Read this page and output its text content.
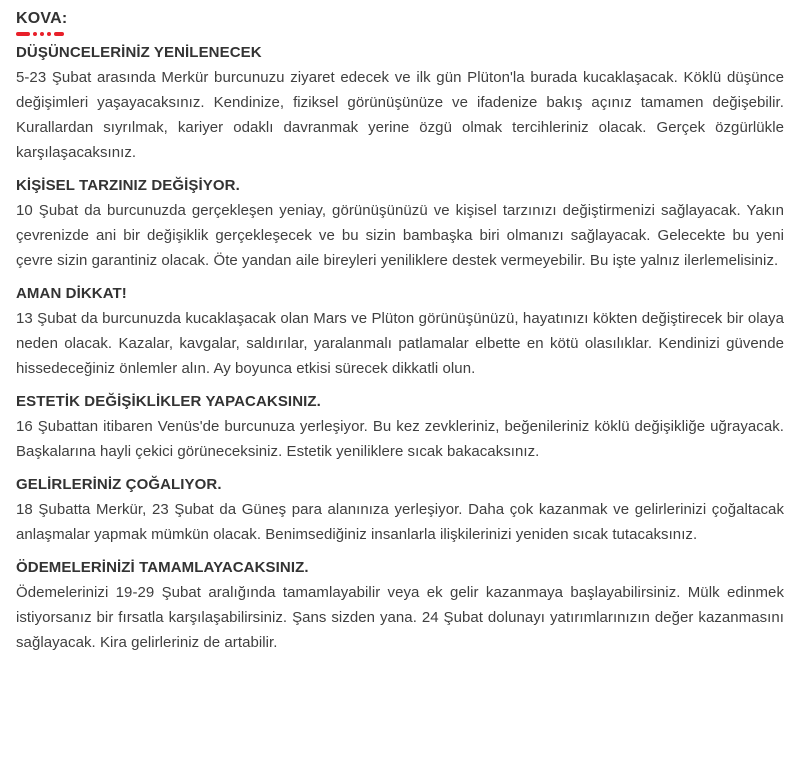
KOVA:
DÜŞÜNCELERİNİZ YENİLENECEK

5-23 Şubat arasında Merkür burcunuzu ziyaret edecek ve ilk gün Plüton'la burada kucaklaşacak. Köklü düşünce değişimleri yaşayacaksınız. Kendinize, fiziksel görünüşünüze ve ifadenize bakış açınız tamamen değişebilir. Kurallardan sıyrılmak, kariyer odaklı davranmak yerine özgü olmak tercihleriniz olacak. Gerçek özgürlükle karşılaşacaksınız.

KİŞİSEL TARZINIZ DEĞİŞİYOR.

10 Şubat da burcunuzda gerçekleşen yeniay, görünüşünüzü ve kişisel tarzınızı değiştirmenizi sağlayacak. Yakın çevrenizde ani bir değişiklik gerçekleşecek ve bu sizin bambaşka biri olmanızı sağlayacak. Gelecekte bu yeni çevre sizin garantiniz olacak. Öte yandan aile bireyleri yeniliklere destek vermeyebilir. Bu işte yalnız ilerlemelisiniz.

AMAN DİKKAT!

13 Şubat da burcunuzda kucaklaşacak olan Mars ve Plüton görünüşünüzü, hayatınızı kökten değiştirecek bir olaya neden olacak. Kazalar, kavgalar, saldırılar, yaralanmalı patlamalar elbette en kötü olasılıklar. Kendinizi güvende hissedeceğiniz önlemler alın. Ay boyunca etkisi sürecek dikkatli olun.

ESTETİK DEĞİŞİKLİKLER YAPACAKSINIZ.

16 Şubattan itibaren Venüs'de burcunuza yerleşiyor. Bu kez zevkleriniz, beğenileriniz köklü değişikliğe uğrayacak. Başkalarına hayli çekici görüneceksiniz. Estetik yeniliklere sıcak bakacaksınız.

GELİRLERİNİZ ÇOĞALIYOR.

18 Şubatta Merkür, 23 Şubat da Güneş para alanınıza yerleşiyor. Daha çok kazanmak ve gelirlerinizi çoğaltacak anlaşmalar yapmak mümkün olacak. Benimsediğiniz insanlarla ilişkilerinizi yeniden sıcak tutacaksınız.

ÖDEMELERİNİZİ TAMAMLAYACAKSINIZ.

Ödemelerinizi 19-29 Şubat aralığında tamamlayabilir veya ek gelir kazanmaya başlayabilirsiniz. Mülk edinmek istiyorsanız bir fırsatla karşılaşabilirsiniz. Şans sizden yana. 24 Şubat dolunayı yatırımlarınızın değer kazanmasını sağlayacak. Kira gelirleriniz de artabilir.
